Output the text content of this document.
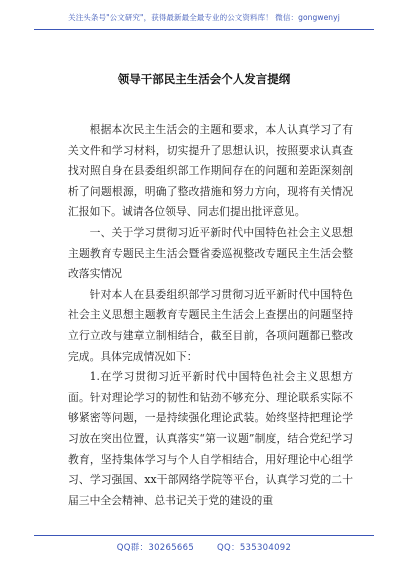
关注头条号"公文研究"，获得最新最全最专业的公文资料库！ 微信：gongwenyj
领导干部民主生活会个人发言提纲

根据本次民主生活会的主题和要求，本人认真学习了有关文件和学习材料，切实提升了思想认识，按照要求认真查找对照自身在县委组织部工作期间存在的问题和差距深刻剖析了问题根源，明确了整改措施和努力方向，现将有关情况汇报如下。诚请各位领导、同志们提出批评意见。

一、关于学习贯彻习近平新时代中国特色社会主义思想主题教育专题民主生活会暨省委巡视整改专题民主生活会整改落实情况

针对本人在县委组织部学习贯彻习近平新时代中国特色社会主义思想主题教育专题民主生活会上查摆出的问题坚持立行立改与建章立制相结合，截至目前，各项问题都已整改完成。具体完成情况如下：

1.在学习贯彻习近平新时代中国特色社会主义思想方面。针对理论学习的韧性和钻劲不够充分、理论联系实际不够紧密等问题，一是持续强化理论武装。始终坚持把理论学习放在突出位置，认真落实“第一议题”制度，结合党纪学习教育，坚持集体学习与个人自学相结合，用好理论中心组学习、学习强国、xx干部网络学院等平台，认真学习党的二十届三中全会精神、总书记关于党的建设的重

QQ群：30265665	QQ：535304092
